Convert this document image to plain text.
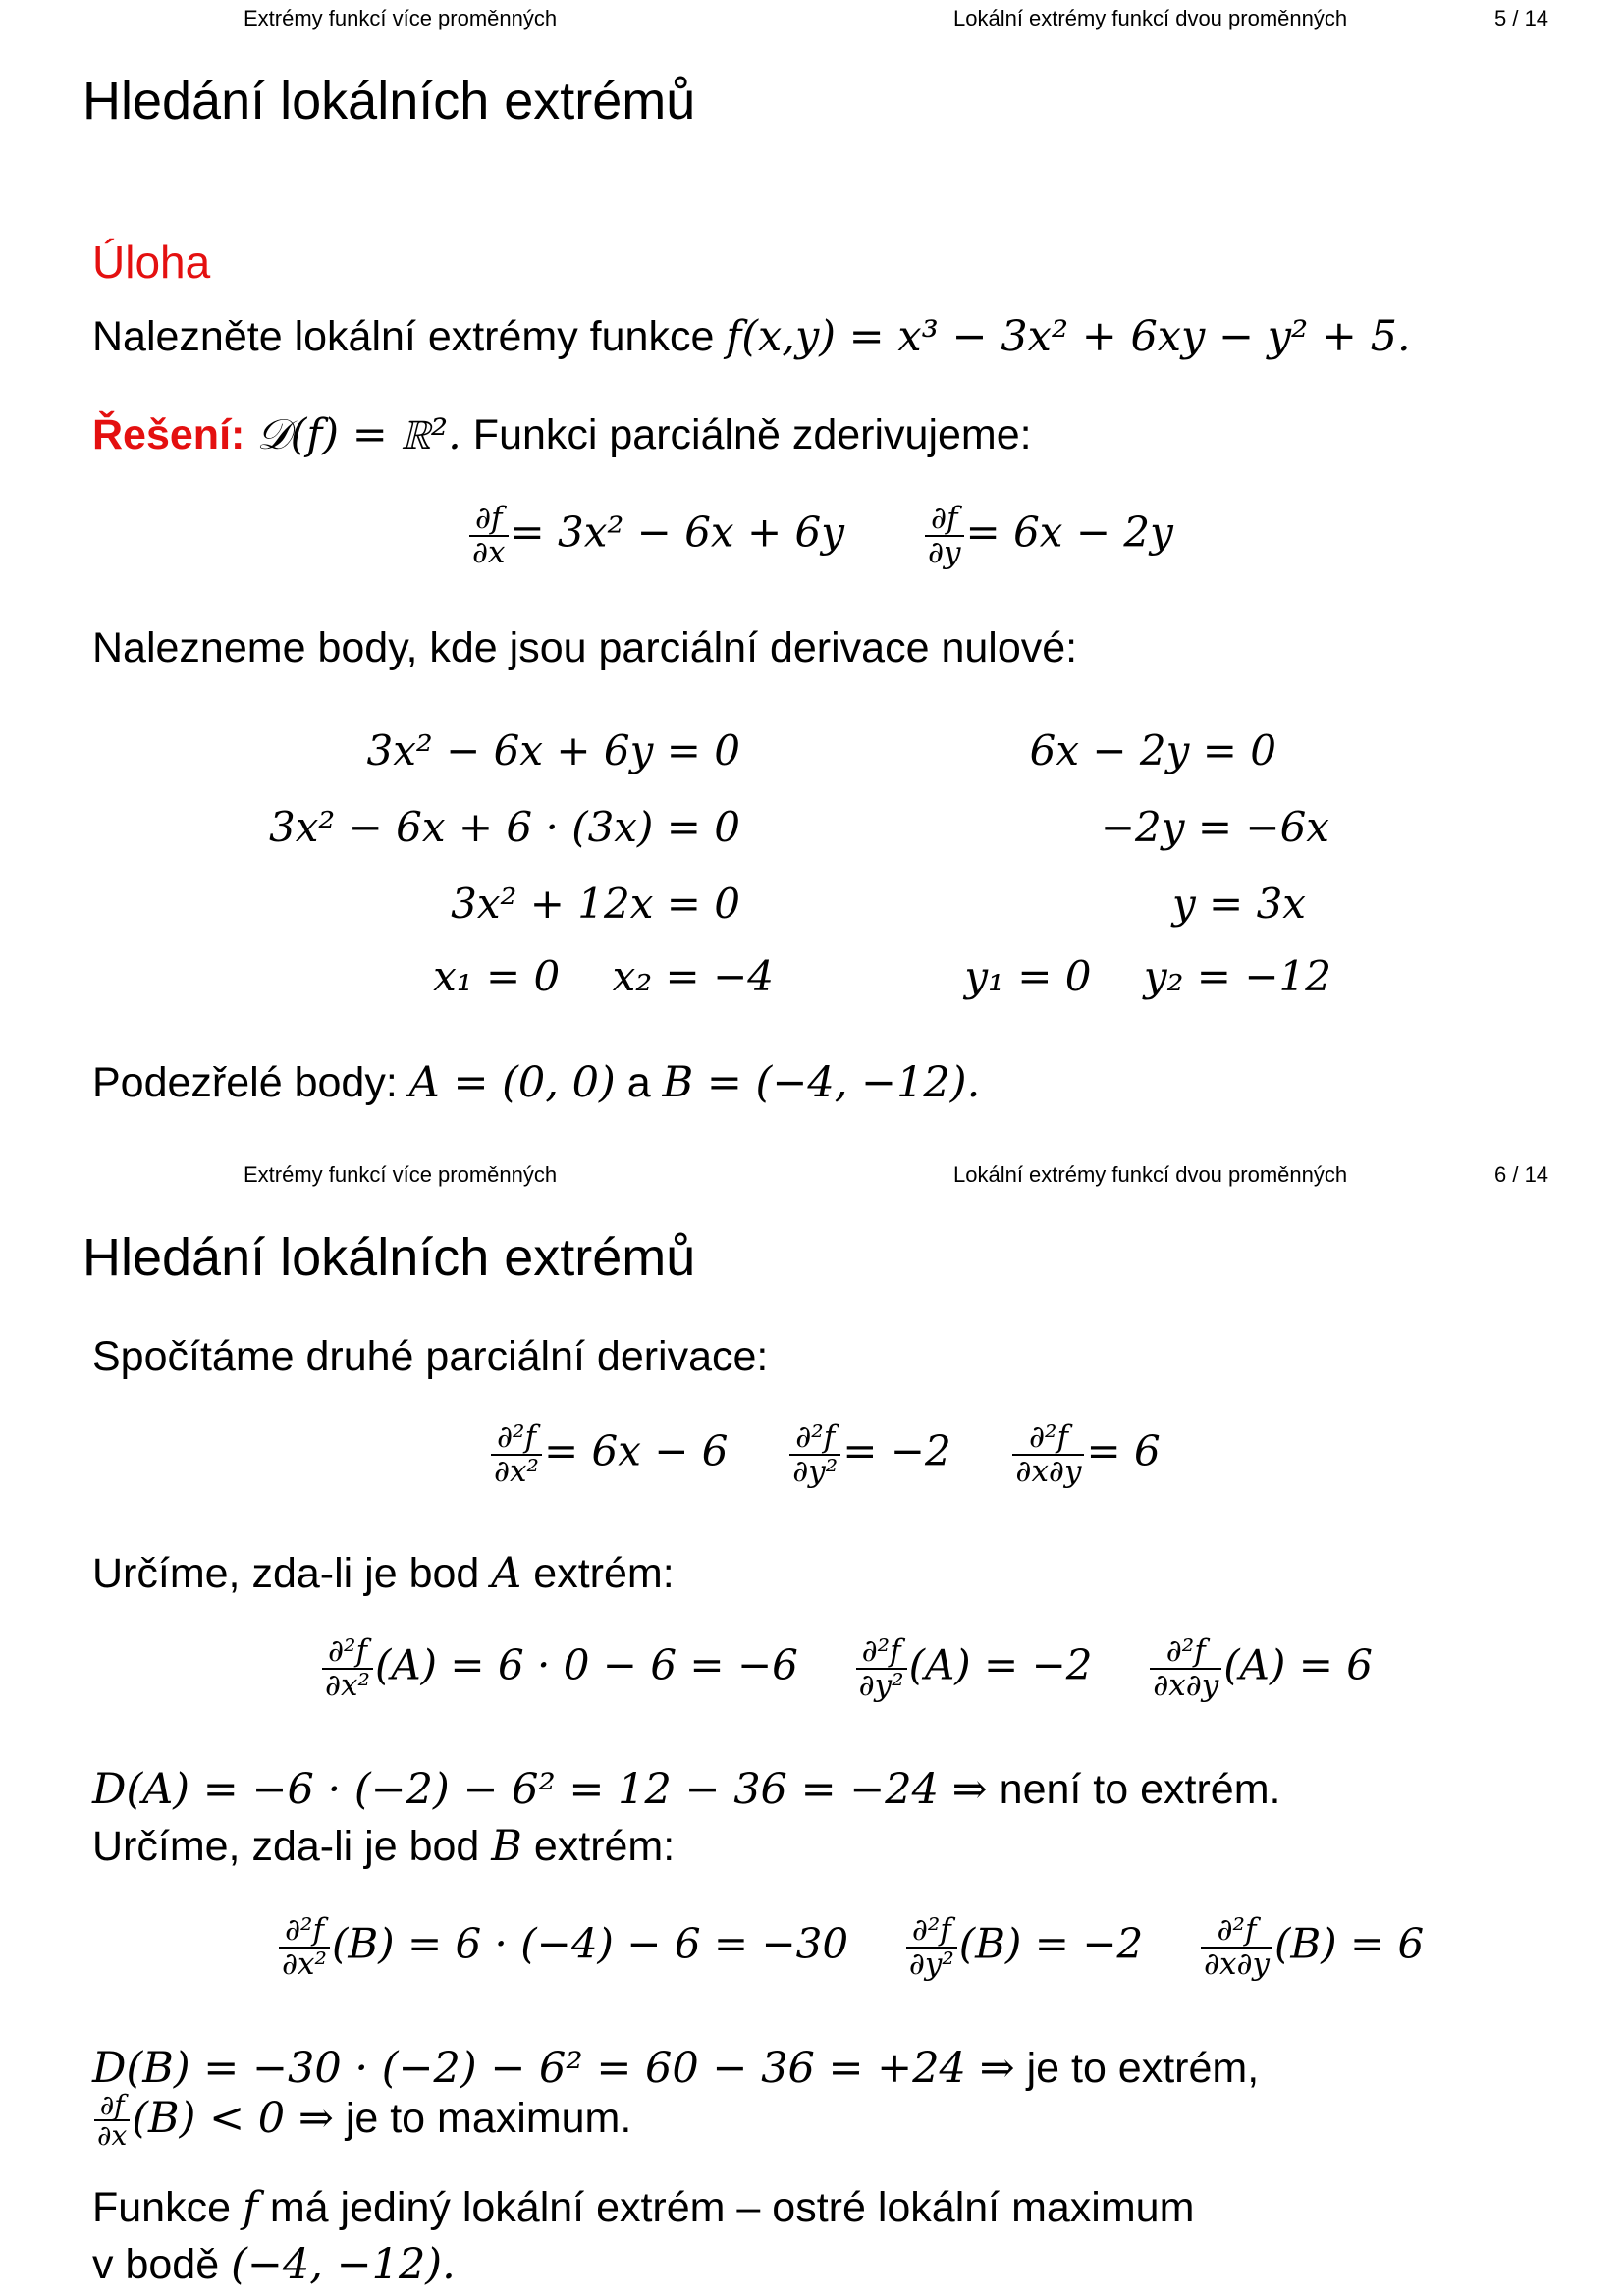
Extrémy funkcí více proměnných	Lokální extrémy funkcí dvou proměnných	5 / 14
Hledání lokálních extrémů
Úloha
Nalezněte lokální extrémy funkce f(x,y) = x³ − 3x² + 6xy − y² + 5.
Řešení: 𝒟(f) = ℝ². Funkci parciálně zderivujeme:
$\frac{\partial f}{\partial x} = 3x^2 - 6x + 6y$	$\frac{\partial f}{\partial y} = 6x - 2y$
Nalezneme body, kde jsou parciální derivace nulové:
3x² − 6x + 6y = 0
3x² − 6x + 6 · (3x) = 0
3x² + 12x = 0
x₁ = 0    x₂ = −4
6x − 2y = 0
−2y = −6x
y = 3x
y₁ = 0    y₂ = −12
Podezřelé body: A = (0, 0) a B = (−4, −12).
Extrémy funkcí více proměnných	Lokální extrémy funkcí dvou proměnných	6 / 14
Hledání lokálních extrémů
Spočítáme druhé parciální derivace:
$\frac{\text{∂²f}}{\text{∂x²}} = 6x - 6 \frac{\text{∂²f}}{\text{∂y²}} = -2 \frac{\text{∂²f}}{\partial x\partial y} = 6$
Určíme, zda-li je bod A extrém:
$\frac{\text{∂²f}}{\text{∂x²}} (A) = 6 \cdot 0 - 6 = -6 \frac{\text{∂²f}}{\text{∂y²}} (A) = -2 \frac{\text{∂²f}}{\partial x\partial y} (A) = 6$
D(A) = −6 · (−2) − 6² = 12 − 36 = −24 ⇒ není to extrém.
Určíme, zda-li je bod B extrém:
$\frac{\text{∂²f}}{\text{∂x²}} (B) = 6 \cdot (-4) - 6 = -30 \frac{\text{∂²f}}{\text{∂y²}} (B) = -2 \frac{\text{∂²f}}{\partial x\partial y} (B) = 6$
D(B) = −30 · (−2) − 6² = 60 − 36 = +24 ⇒ je to extrém,
$\frac{\partial f}{\partial x} (B) < 0$ ⇒ je to maximum.
Funkce f má jediný lokální extrém – ostré lokální maximum
v bodě (−4, −12).
